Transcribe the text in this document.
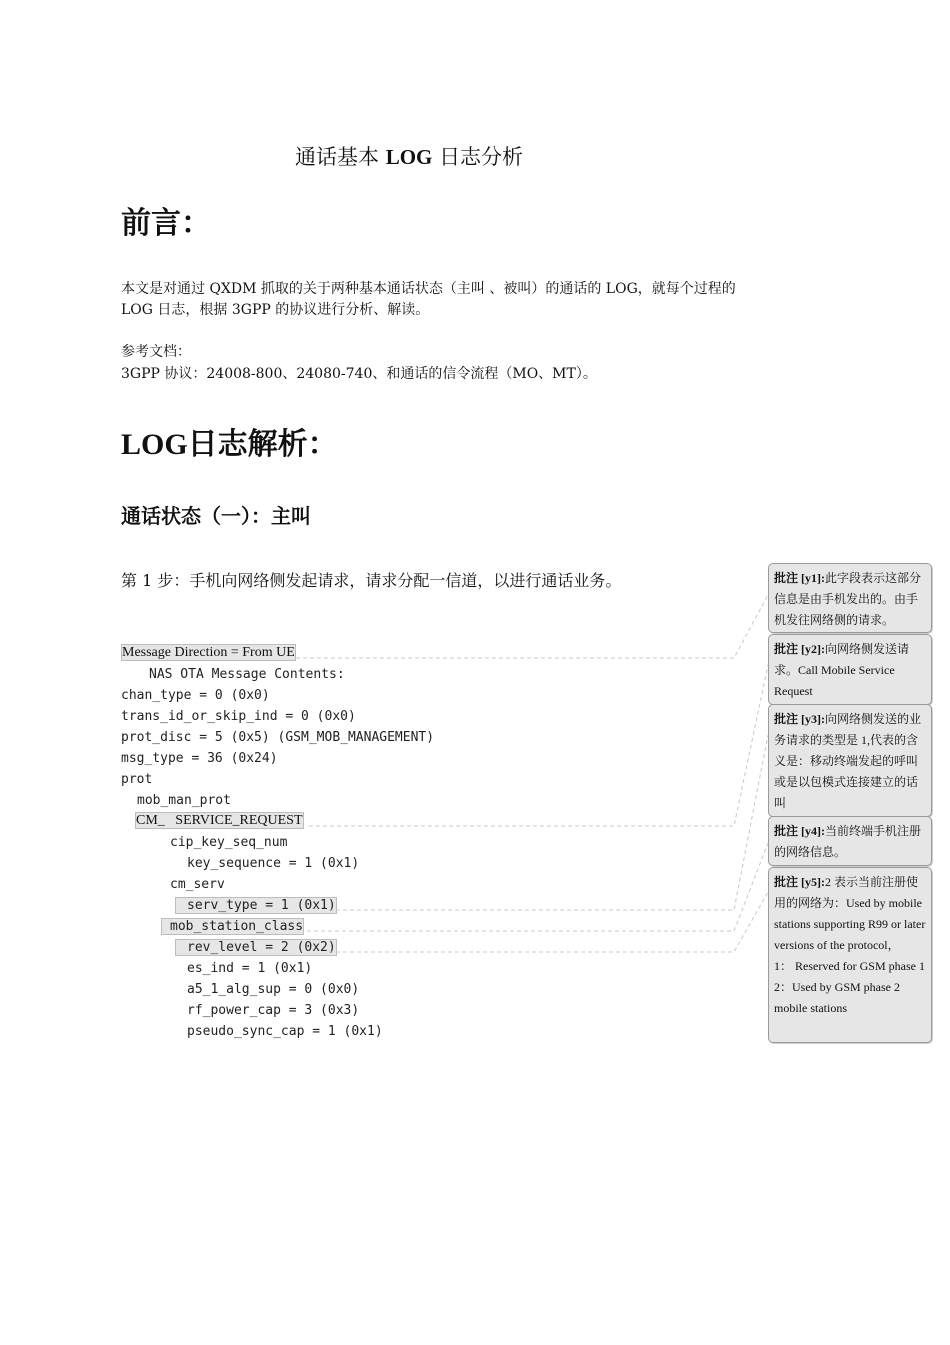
通话基本 LOG 日志分析
前言：
本文是对通过 QXDM 抓取的关于两种基本通话状态（主叫 、被叫）的通话的 LOG，就每个过程的 LOG 日志，根据 3GPP 的协议进行分析、解读。
参考文档：
3GPP 协议：24008-800、24080-740、和通话的信令流程（MO、MT）。
LOG日志解析：
通话状态（一）：主叫
第 1 步：手机向网络侧发起请求，请求分配一信道，以进行通话业务。
Message Direction = From UE
NAS OTA Message Contents:
chan_type = 0 (0x0)
trans_id_or_skip_ind = 0 (0x0)
prot_disc = 5 (0x5) (GSM_MOB_MANAGEMENT)
msg_type = 36 (0x24)
prot
mob_man_prot
CM_   SERVICE_REQUEST
cip_key_seq_num
key_sequence = 1 (0x1)
cm_serv
serv_type = 1 (0x1)
mob_station_class
rev_level = 2 (0x2)
es_ind = 1 (0x1)
a5_1_alg_sup = 0 (0x0)
rf_power_cap = 3 (0x3)
pseudo_sync_cap = 1 (0x1)
批注 [y1]:此字段表示这部分信息是由手机发出的。由手机发往网络侧的请求。
批注 [y2]:向网络侧发送请求。Call Mobile Service Request
批注 [y3]:向网络侧发送的业务请求的类型是 1,代表的含义是：移动终端发起的呼叫或是以包模式连接建立的话叫
批注 [y4]:当前终端手机注册的网络信息。
批注 [y5]:2 表示当前注册使用的网络为：Used by mobile stations supporting R99 or later versions of the protocol，
1： Reserved for GSM phase 1
2：Used by GSM phase 2 mobile stations
